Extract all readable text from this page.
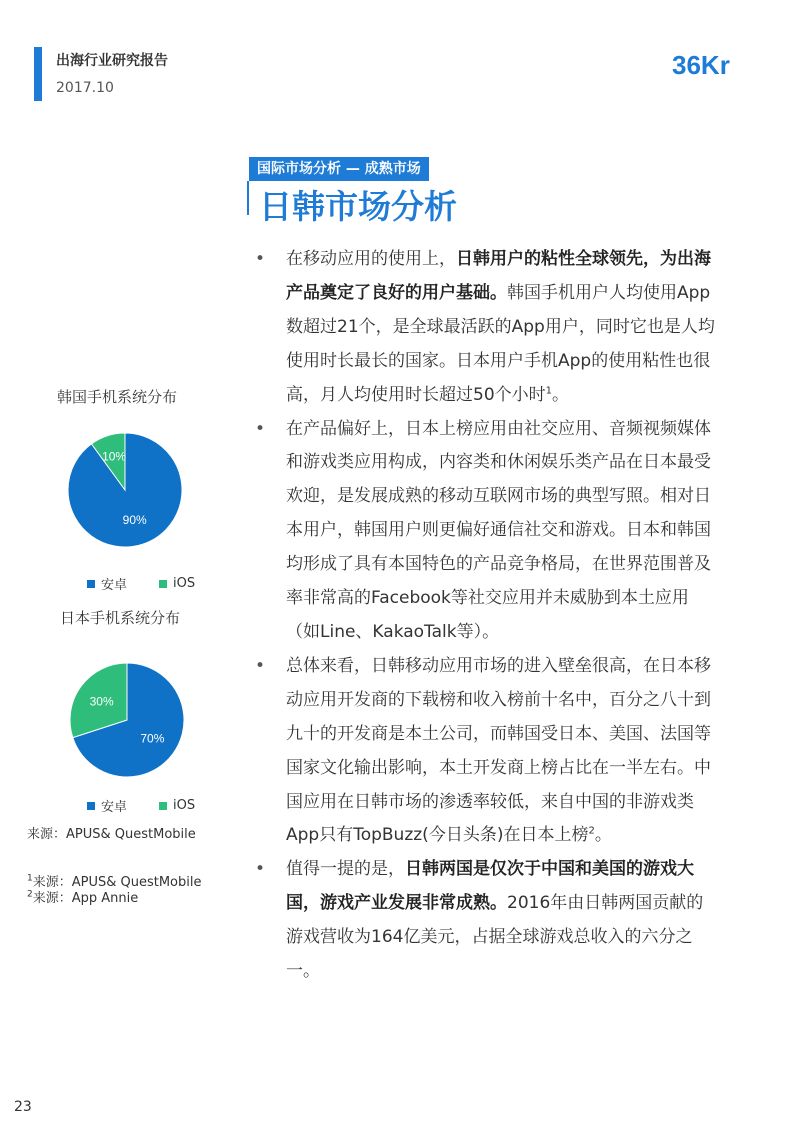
出海行业研究报告
2017.10
36Kr
国际市场分析 — 成熟市场
日韩市场分析
• 在移动应用的使用上，日韩用户的粘性全球领先，为出海产品奠定了良好的用户基础。韩国手机用户人均使用App数超过21个，是全球最活跃的App用户，同时它也是人均使用时长最长的国家。日本用户手机App的使用粘性也很高，月人均使用时长超过50个小时$^1$。
• 在产品偏好上，日本上榜应用由社交应用、音频视频媒体和游戏类应用构成，内容类和休闲娱乐类产品在日本最受欢迎，是发展成熟的移动互联网市场的典型写照。相对日本用户，韩国用户则更偏好通信社交和游戏。日本和韩国均形成了具有本国特色的产品竞争格局，在世界范围普及率非常高的Facebook等社交应用并未威胁到本土应用（如Line、KakaoTalk等）。
• 总体来看，日韩移动应用市场的进入壁垒很高，在日本移动应用开发商的下载榜和收入榜前十名中，百分之八十到九十的开发商是本土公司，而韩国受日本、美国、法国等国家文化输出影响，本土开发商上榜占比在一半左右。中国应用在日韩市场的渗透率较低，来自中国的非游戏类App只有TopBuzz(今日头条)在日本上榜$^2$。
• 值得一提的是，日韩两国是仅次于中国和美国的游戏大国，游戏产业发展非常成熟。2016年由日韩两国贡献的游戏营收为164亿美元，占据全球游戏总收入的六分之一。
韩国手机系统分布
90%
10%
安卓	iOS
日本手机系统分布
70%
30%
安卓	iOS
来源：APUS& QuestMobile
$^1$来源：APUS& QuestMobile
$^2$来源：App Annie
23
